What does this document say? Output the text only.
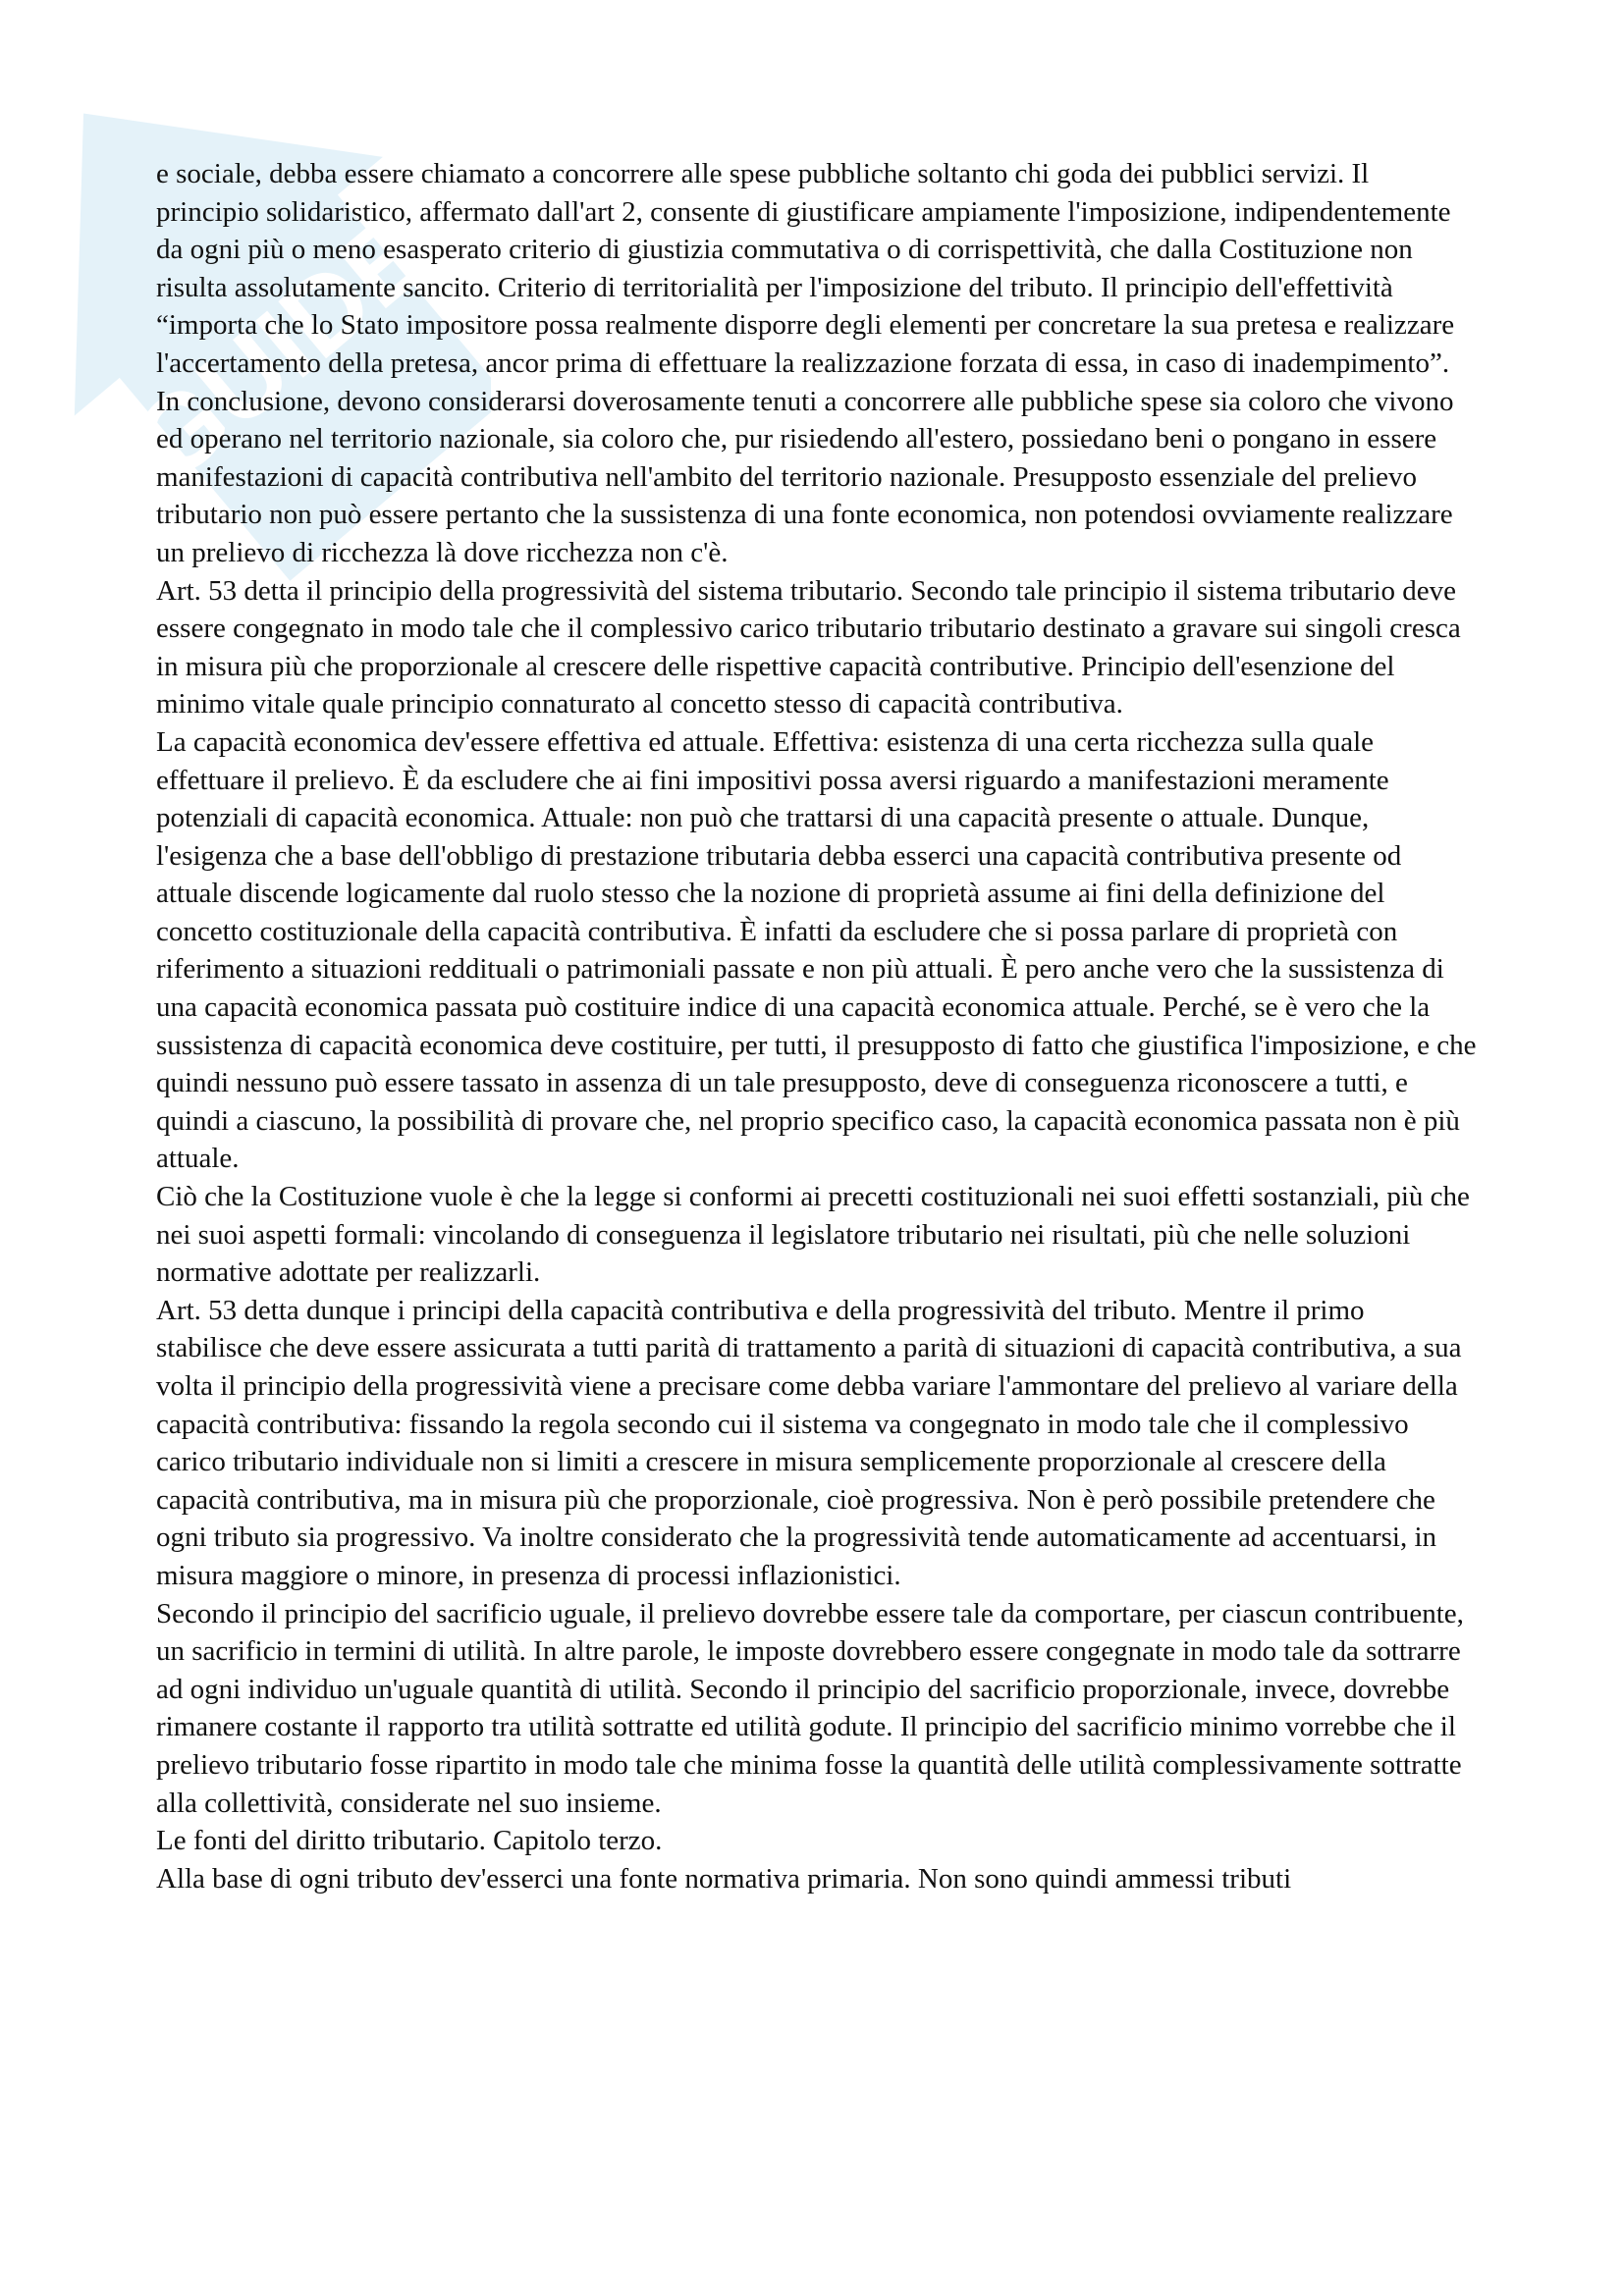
GUIDE

e sociale, debba essere chiamato a concorrere alle spese pubbliche soltanto chi goda dei pubblici servizi. Il principio solidaristico, affermato dall'art 2, consente di giustificare ampiamente l'imposizione, indipendentemente da ogni più o meno esasperato criterio di giustizia commutativa o di corrispettività, che dalla Costituzione non risulta assolutamente sancito. Criterio di territorialità per l'imposizione del tributo. Il principio dell'effettività “importa che lo Stato impositore possa realmente disporre degli elementi per concretare la sua pretesa e realizzare l'accertamento della pretesa, ancor prima di effettuare la realizzazione forzata di essa, in caso di inadempimento”. In conclusione, devono considerarsi doverosamente tenuti a concorrere alle pubbliche spese sia coloro che vivono ed operano nel territorio nazionale, sia coloro che, pur risiedendo all'estero, possiedano beni o pongano in essere manifestazioni di capacità contributiva nell'ambito del territorio nazionale. Presupposto essenziale del prelievo tributario non può essere pertanto che la sussistenza di una fonte economica, non potendosi ovviamente realizzare un prelievo di ricchezza là dove ricchezza non c'è.

Art. 53 detta il principio della progressività del sistema tributario. Secondo tale principio il sistema tributario deve essere congegnato in modo tale che il complessivo carico tributario tributario destinato a gravare sui singoli cresca in misura più che proporzionale al crescere delle rispettive capacità contributive. Principio dell'esenzione del minimo vitale quale principio connaturato al concetto stesso di capacità contributiva.

La capacità economica dev'essere effettiva ed attuale. Effettiva: esistenza di una certa ricchezza sulla quale effettuare il prelievo. È da escludere che ai fini impositivi possa aversi riguardo a manifestazioni meramente potenziali di capacità economica. Attuale: non può che trattarsi di una capacità presente o attuale. Dunque, l'esigenza che a base dell'obbligo di prestazione tributaria debba esserci una capacità contributiva presente od attuale discende logicamente dal ruolo stesso che la nozione di proprietà assume ai fini della definizione del concetto costituzionale della capacità contributiva. È infatti da escludere che si possa parlare di proprietà con riferimento a situazioni reddituali o patrimoniali passate e non più attuali. È pero anche vero che la sussistenza di una capacità economica passata può costituire indice di una capacità economica attuale. Perché, se è vero che la sussistenza di capacità economica deve costituire, per tutti, il presupposto di fatto che giustifica l'imposizione, e che quindi nessuno può essere tassato in assenza di un tale presupposto, deve di conseguenza riconoscere a tutti, e quindi a ciascuno, la possibilità di provare che, nel proprio specifico caso, la capacità economica passata non è più attuale.

Ciò che la Costituzione vuole è che la legge si conformi ai precetti costituzionali nei suoi effetti sostanziali, più che nei suoi aspetti formali: vincolando di conseguenza il legislatore tributario nei risultati, più che nelle soluzioni normative adottate per realizzarli.

Art. 53 detta dunque i principi della capacità contributiva e della progressività del tributo. Mentre il primo stabilisce che deve essere assicurata a tutti parità di trattamento a parità di situazioni di capacità contributiva, a sua volta il principio della progressività viene a precisare come debba variare l'ammontare del prelievo al variare della capacità contributiva: fissando la regola secondo cui il sistema va congegnato in modo tale che il complessivo carico tributario individuale non si limiti a crescere in misura semplicemente proporzionale al crescere della capacità contributiva, ma in misura più che proporzionale, cioè progressiva. Non è però possibile pretendere che ogni tributo sia progressivo. Va inoltre considerato che la progressività tende automaticamente ad accentuarsi, in misura maggiore o minore, in presenza di processi inflazionistici.

Secondo il principio del sacrificio uguale, il prelievo dovrebbe essere tale da comportare, per ciascun contribuente, un sacrificio in termini di utilità. In altre parole, le imposte dovrebbero essere congegnate in modo tale da sottrarre ad ogni individuo un'uguale quantità di utilità. Secondo il principio del sacrificio proporzionale, invece, dovrebbe rimanere costante il rapporto tra utilità sottratte ed utilità godute. Il principio del sacrificio minimo vorrebbe che il prelievo tributario fosse ripartito in modo tale che minima fosse la quantità delle utilità complessivamente sottratte alla collettività, considerate nel suo insieme.

Le fonti del diritto tributario. Capitolo terzo.

Alla base di ogni tributo dev'esserci una fonte normativa primaria. Non sono quindi ammessi tributi
